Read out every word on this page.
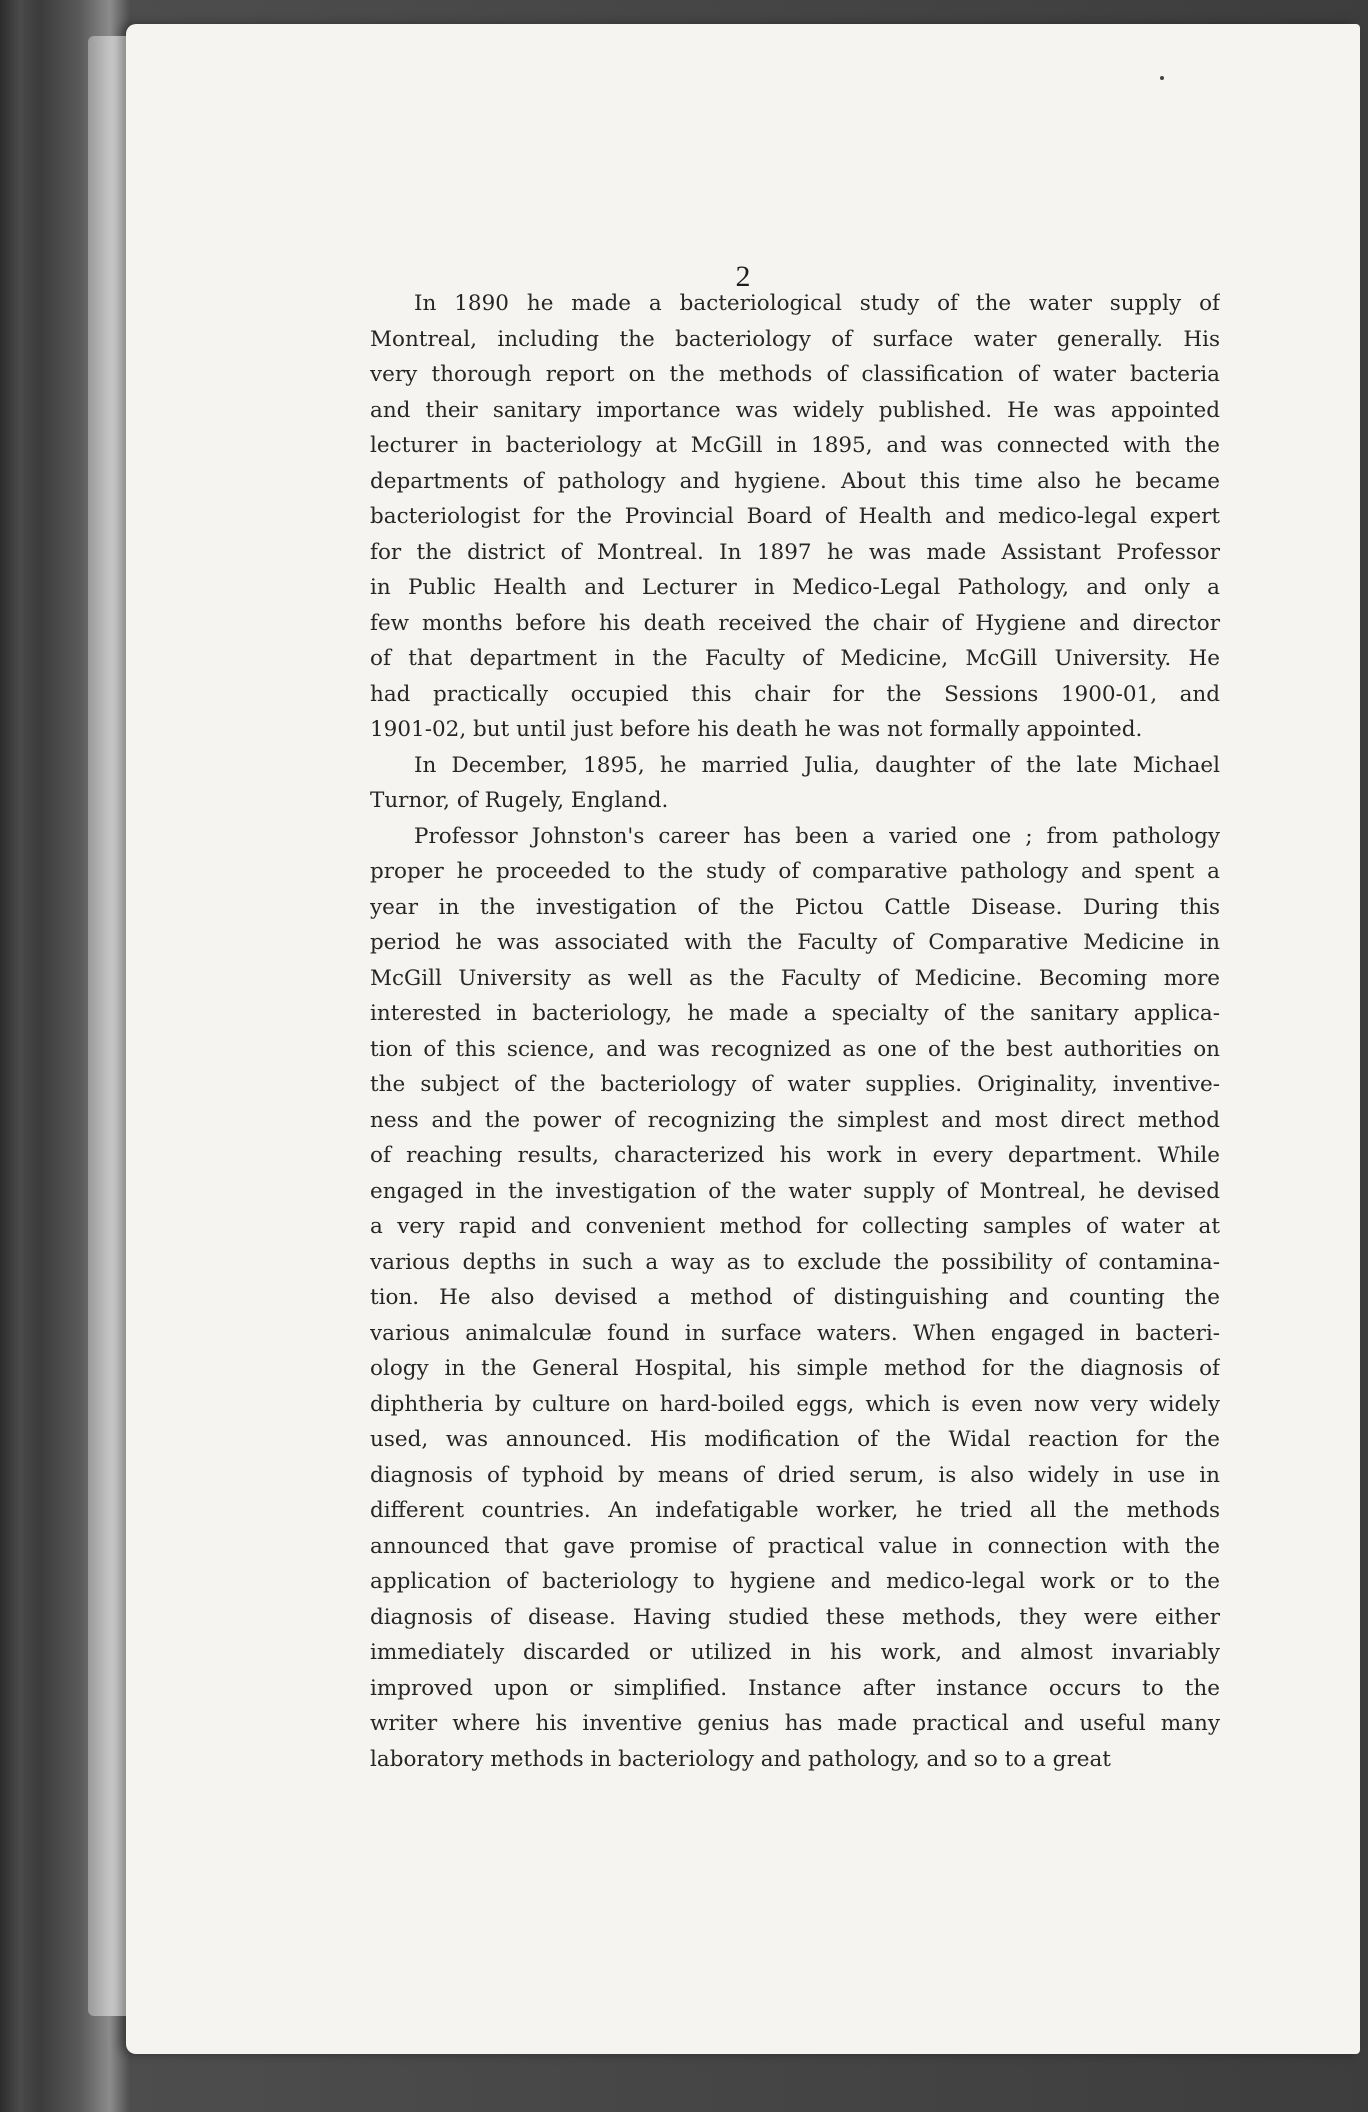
2

In 1890 he made a bacteriological study of the water supply of
Montreal, including the bacteriology of surface water generally. His
very thorough report on the methods of classification of water bacteria
and their sanitary importance was widely published. He was appointed
lecturer in bacteriology at McGill in 1895, and was connected with the
departments of pathology and hygiene. About this time also he became
bacteriologist for the Provincial Board of Health and medico-legal expert
for the district of Montreal. In 1897 he was made Assistant Professor
in Public Health and Lecturer in Medico-Legal Pathology, and only a
few months before his death received the chair of Hygiene and director
of that department in the Faculty of Medicine, McGill University. He
had practically occupied this chair for the Sessions 1900-01, and
1901-02, but until just before his death he was not formally appointed.

In December, 1895, he married Julia, daughter of the late Michael
Turnor, of Rugely, England.

Professor Johnston's career has been a varied one ; from pathology
proper he proceeded to the study of comparative pathology and spent a
year in the investigation of the Pictou Cattle Disease. During this
period he was associated with the Faculty of Comparative Medicine in
McGill University as well as the Faculty of Medicine. Becoming more
interested in bacteriology, he made a specialty of the sanitary applica-
tion of this science, and was recognized as one of the best authorities on
the subject of the bacteriology of water supplies. Originality, inventive-
ness and the power of recognizing the simplest and most direct method
of reaching results, characterized his work in every department. While
engaged in the investigation of the water supply of Montreal, he devised
a very rapid and convenient method for collecting samples of water at
various depths in such a way as to exclude the possibility of contamina-
tion. He also devised a method of distinguishing and counting the
various animalculæ found in surface waters. When engaged in bacteri-
ology in the General Hospital, his simple method for the diagnosis of
diphtheria by culture on hard-boiled eggs, which is even now very widely
used, was announced. His modification of the Widal reaction for the
diagnosis of typhoid by means of dried serum, is also widely in use in
different countries. An indefatigable worker, he tried all the methods
announced that gave promise of practical value in connection with the
application of bacteriology to hygiene and medico-legal work or to the
diagnosis of disease. Having studied these methods, they were either
immediately discarded or utilized in his work, and almost invariably
improved upon or simplified. Instance after instance occurs to the
writer where his inventive genius has made practical and useful many
laboratory methods in bacteriology and pathology, and so to a great
